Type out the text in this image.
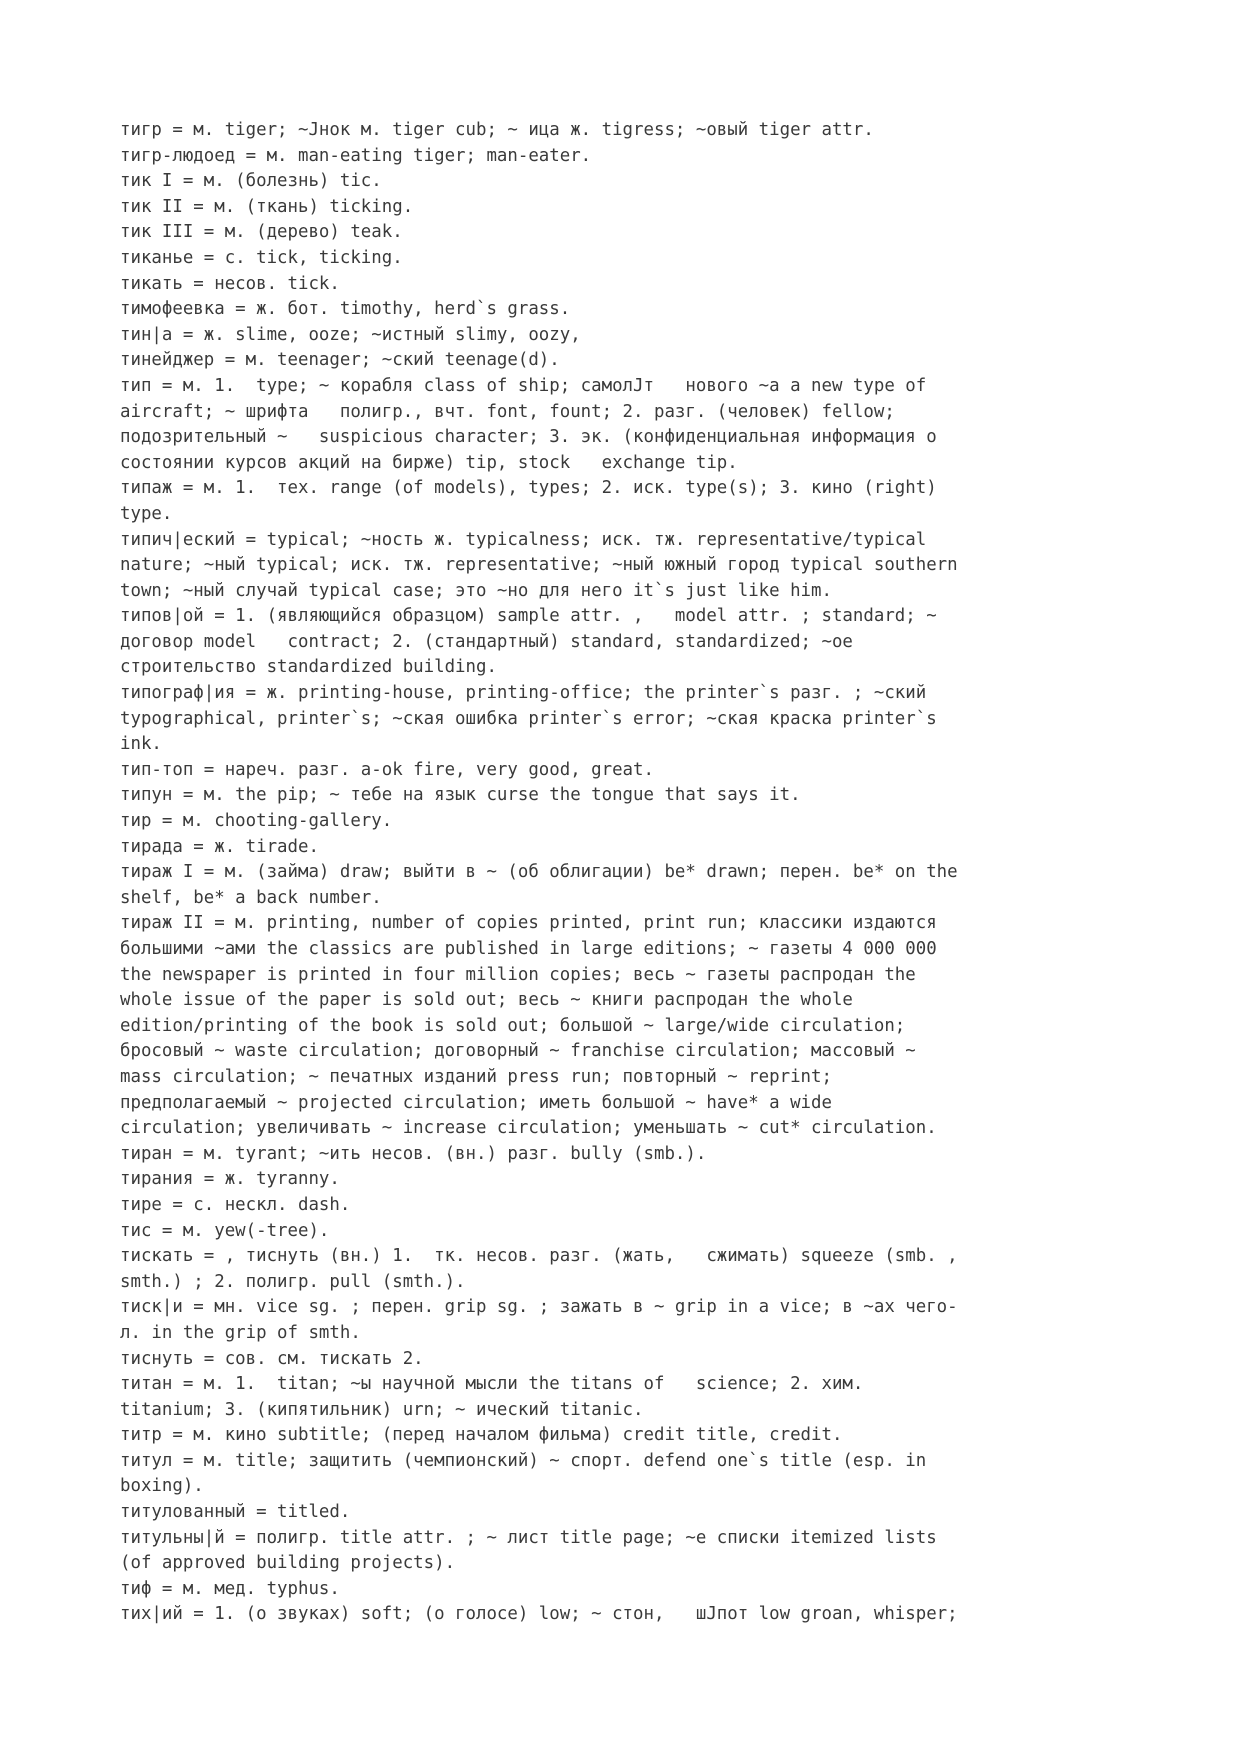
тигр = м. tiger; ~Jнок м. tiger cub; ~ ица ж. tigress; ~овый tiger attr.
тигр-людоед = м. man-eating tiger; man-eater.
тик I = м. (болезнь) tic.
тик II = м. (ткань) ticking.
тик III = м. (дерево) teak.
тиканье = с. tick, ticking.
тикать = несов. tick.
тимофеевка = ж. бот. timothy, herd`s grass.
тин|а = ж. slime, ooze; ~истный slimy, oozy,
тинейджер = м. teenager; ~ский teenage(d).
тип = м. 1.  type; ~ корабля class of ship; самолJт   нового ~а a new type of
aircraft; ~ шрифта   полигр., вчт. font, fount; 2. разг. (человек) fellow;
подозрительный ~   suspicious character; 3. эк. (конфиденциальная информация о
состоянии курсов акций на бирже) tip, stock   exchange tip.
типаж = м. 1.  тех. range (of models), types; 2. иск. type(s); 3. кино (right)
type.
типич|еский = typical; ~ность ж. typicalness; иск. тж. representative/typical
nature; ~ный typical; иск. тж. representative; ~ный южный город typical southern
town; ~ный случай typical case; это ~но для него it`s just like him.
типов|ой = 1. (являющийся образцом) sample attr. ,   model attr. ; standard; ~
договор model   contract; 2. (стандартный) standard, standardized; ~ое
строительство standardized building.
типограф|ия = ж. printing-house, printing-office; the printer`s разг. ; ~ский
typographical, printer`s; ~ская ошибка printer`s error; ~ская краска printer`s
ink.
тип-топ = нареч. разг. a-ok fire, very good, great.
типун = м. the pip; ~ тебе на язык curse the tongue that says it.
тир = м. chooting-gallery.
тирада = ж. tirade.
тираж I = м. (займа) draw; выйти в ~ (об облигации) be* drawn; перен. be* on the
shelf, be* a back number.
тираж II = м. printing, number of copies printed, print run; классики издаются
большими ~ами the classics are published in large editions; ~ газеты 4 000 000
the newspaper is printed in four million copies; весь ~ газеты распродан the
whole issue of the paper is sold out; весь ~ книги распродан the whole
edition/printing of the book is sold out; большой ~ large/wide circulation;
бросовый ~ waste circulation; договорный ~ franchise circulation; массовый ~
mass circulation; ~ печатных изданий press run; повторный ~ reprint;
предполагаемый ~ projected circulation; иметь большой ~ have* a wide
circulation; увеличивать ~ increase circulation; уменьшать ~ cut* circulation.
тиран = м. tyrant; ~ить несов. (вн.) разг. bully (smb.).
тирания = ж. tyranny.
тире = с. нескл. dash.
тис = м. yew(-tree).
тискать = , тиснуть (вн.) 1.  тк. несов. разг. (жать,   сжимать) squeeze (smb. ,
smth.) ; 2. полигр. pull (smth.).
тиск|и = мн. vice sg. ; перен. grip sg. ; зажать в ~ grip in a vice; в ~ах чего-
л. in the grip of smth.
тиснуть = сов. см. тискать 2.
титан = м. 1.  titan; ~ы научной мысли the titans of   science; 2. хим.
titanium; 3. (кипятильник) urn; ~ ический titanic.
титр = м. кино subtitle; (перед началом фильма) credit title, credit.
титул = м. title; защитить (чемпионский) ~ спорт. defend one`s title (esp. in
boxing).
титулованный = titled.
титульны|й = полигр. title attr. ; ~ лист title page; ~е списки itemized lists
(of approved building projects).
тиф = м. мед. typhus.
тих|ий = 1. (о звуках) soft; (о голосе) low; ~ стон,   шJпот low groan, whisper;
